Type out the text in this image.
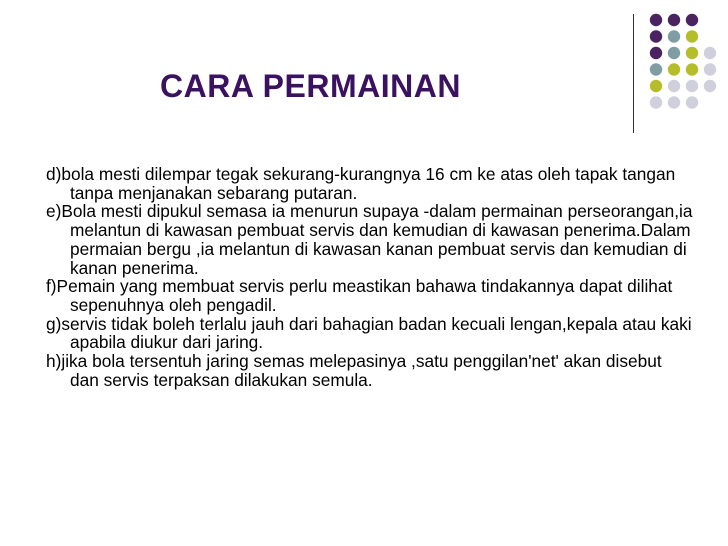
CARA PERMAINAN
d)bola mesti dilempar tegak sekurang-kurangnya 16 cm ke atas oleh tapak tangan tanpa menjanakan sebarang putaran.
e)Bola mesti dipukul semasa ia menurun supaya -dalam permainan perseorangan,ia melantun di kawasan pembuat servis dan kemudian di kawasan penerima.Dalam permaian bergu ,ia melantun di kawasan kanan pembuat servis dan kemudian di kanan penerima.
f)Pemain yang membuat servis perlu meastikan bahawa tindakannya dapat dilihat sepenuhnya oleh pengadil.
g)servis tidak boleh terlalu jauh dari bahagian badan kecuali lengan,kepala atau kaki apabila diukur dari jaring.
h)jika bola tersentuh jaring semas melepasinya ,satu penggilan'net' akan disebut dan servis terpaksan dilakukan semula.
